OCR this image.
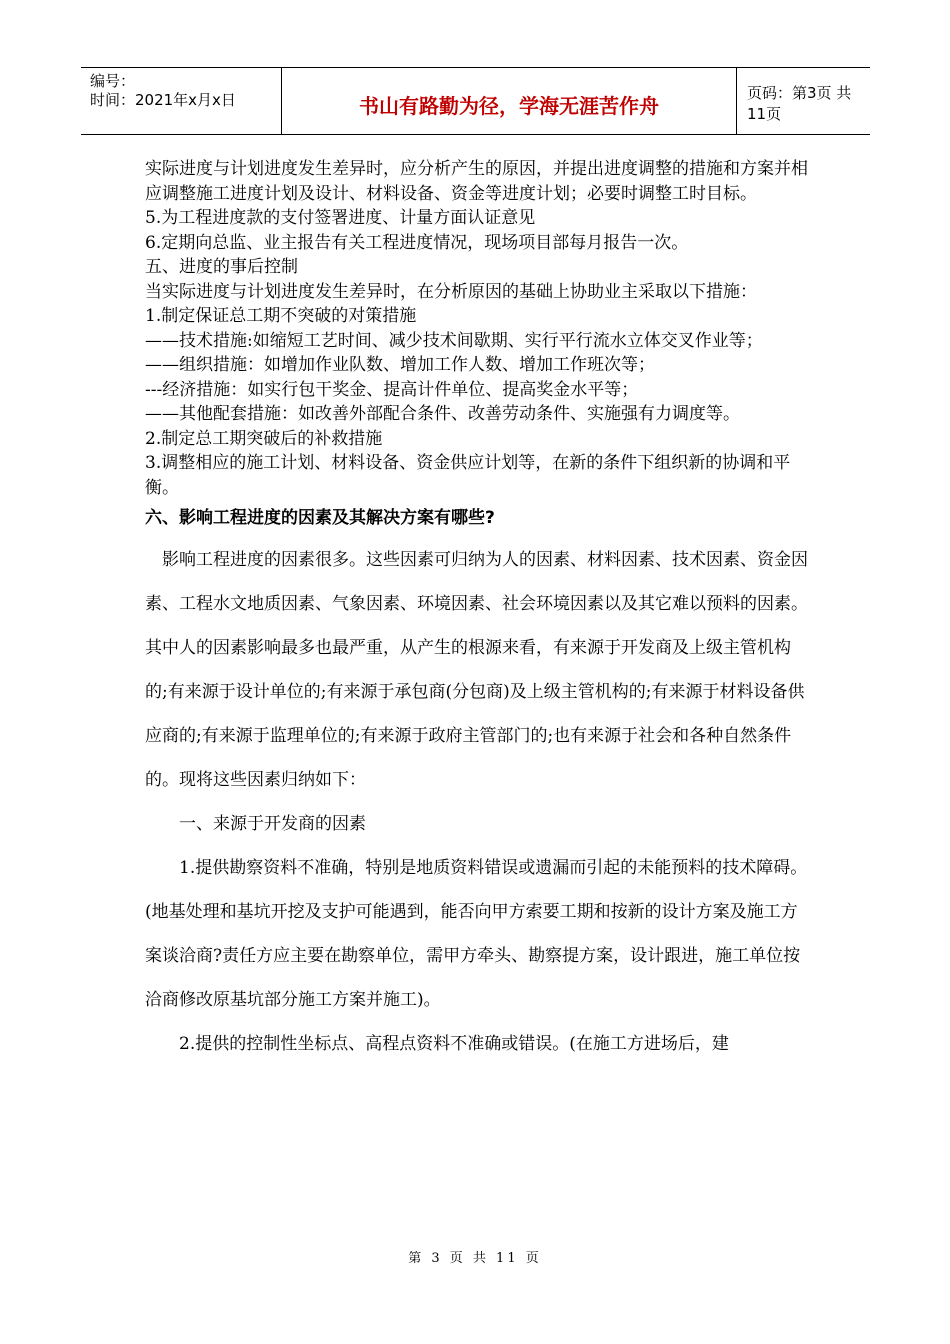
编号：
时间：2021年x月x日	书山有路勤为径，学海无涯苦作舟
页码：第3页 共11页

实际进度与计划进度发生差异时，应分析产生的原因，并提出进度调整的措施和方案并相应调整施工进度计划及设计、材料设备、资金等进度计划；必要时调整工时目标。

5.为工程进度款的支付签署进度、计量方面认证意见

6.定期向总监、业主报告有关工程进度情况，现场项目部每月报告一次。

五、进度的事后控制

当实际进度与计划进度发生差异时，在分析原因的基础上协助业主采取以下措施：

1.制定保证总工期不突破的对策措施

——技术措施:如缩短工艺时间、减少技术间歇期、实行平行流水立体交叉作业等；

——组织措施：如增加作业队数、增加工作人数、增加工作班次等；

---经济措施：如实行包干奖金、提高计件单位、提高奖金水平等；

——其他配套措施：如改善外部配合条件、改善劳动条件、实施强有力调度等。

2.制定总工期突破后的补救措施

3.调整相应的施工计划、材料设备、资金供应计划等，在新的条件下组织新的协调和平衡。

六、影响工程进度的因素及其解决方案有哪些?

影响工程进度的因素很多。这些因素可归纳为人的因素、材料因素、技术因素、资金因素、工程水文地质因素、气象因素、环境因素、社会环境因素以及其它难以预料的因素。其中人的因素影响最多也最严重，从产生的根源来看，有来源于开发商及上级主管机构的;有来源于设计单位的;有来源于承包商(分包商)及上级主管机构的;有来源于材料设备供应商的;有来源于监理单位的;有来源于政府主管部门的;也有来源于社会和各种自然条件的。现将这些因素归纳如下：

一、来源于开发商的因素

1.提供勘察资料不准确，特别是地质资料错误或遗漏而引起的未能预料的技术障碍。(地基处理和基坑开挖及支护可能遇到，能否向甲方索要工期和按新的设计方案及施工方案谈洽商?责任方应主要在勘察单位，需甲方牵头、勘察提方案，设计跟进，施工单位按洽商修改原基坑部分施工方案并施工)。

2.提供的控制性坐标点、高程点资料不准确或错误。(在施工方进场后，建

第 3 页 共 11 页
